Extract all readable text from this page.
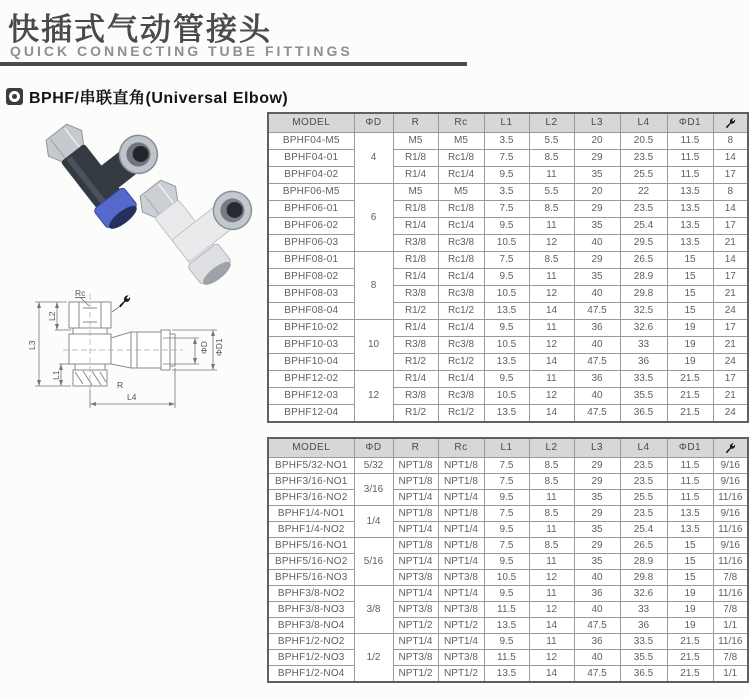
快插式气动管接头
QUICK CONNECTING TUBE FITTINGS
BPHF/串联直角(Universal Elbow)
L3
L2
L1
L4
ΦD ΦD1
Rc
R
MODEL	ΦD	R	Rc	L1	L2	L3	L4	ΦD1	
BPHF04-M5	4	M5	M5	3.5	5.5	20	20.5	11.5	8
BPHF04-01		R1/8	Rc1/8	7.5	8.5	29	23.5	11.5	14
BPHF04-02		R1/4	Rc1/4	9.5	11	35	25.5	11.5	17
BPHF06-M5	6	M5	M5	3.5	5.5	20	22	13.5	8
BPHF06-01		R1/8	Rc1/8	7.5	8.5	29	23.5	13.5	14
BPHF06-02		R1/4	Rc1/4	9.5	11	35	25.4	13.5	17
BPHF06-03		R3/8	Rc3/8	10.5	12	40	29.5	13.5	21
BPHF08-01	8	R1/8	Rc1/8	7.5	8.5	29	26.5	15	14
BPHF08-02		R1/4	Rc1/4	9.5	11	35	28.9	15	17
BPHF08-03		R3/8	Rc3/8	10.5	12	40	29.8	15	21
BPHF08-04		R1/2	Rc1/2	13.5	14	47.5	32.5	15	24
BPHF10-02	10	R1/4	Rc1/4	9.5	11	36	32.6	19	17
BPHF10-03		R3/8	Rc3/8	10.5	12	40	33	19	21
BPHF10-04		R1/2	Rc1/2	13.5	14	47.5	36	19	24
BPHF12-02	12	R1/4	Rc1/4	9.5	11	36	33.5	21.5	17
BPHF12-03		R3/8	Rc3/8	10.5	12	40	35.5	21.5	21
BPHF12-04		R1/2	Rc1/2	13.5	14	47.5	36.5	21.5	24
MODEL	ΦD	R	Rc	L1	L2	L3	L4	ΦD1	
BPHF5/32-NO1	5/32	NPT1/8	NPT1/8	7.5	8.5	29	23.5	11.5	9/16
BPHF3/16-NO1	3/16	NPT1/8	NPT1/8	7.5	8.5	29	23.5	11.5	9/16
BPHF3/16-NO2		NPT1/4	NPT1/4	9.5	11	35	25.5	11.5	11/16
BPHF1/4-NO1	1/4	NPT1/8	NPT1/8	7.5	8.5	29	23.5	13.5	9/16
BPHF1/4-NO2		NPT1/4	NPT1/4	9.5	11	35	25.4	13.5	11/16
BPHF5/16-NO1	5/16	NPT1/8	NPT1/8	7.5	8.5	29	26.5	15	9/16
BPHF5/16-NO2		NPT1/4	NPT1/4	9.5	11	35	28.9	15	11/16
BPHF5/16-NO3		NPT3/8	NPT3/8	10.5	12	40	29.8	15	7/8
BPHF3/8-NO2	3/8	NPT1/4	NPT1/4	9.5	11	36	32.6	19	11/16
BPHF3/8-NO3		NPT3/8	NPT3/8	11.5	12	40	33	19	7/8
BPHF3/8-NO4		NPT1/2	NPT1/2	13.5	14	47.5	36	19	1/1
BPHF1/2-NO2	1/2	NPT1/4	NPT1/4	9.5	11	36	33.5	21.5	11/16
BPHF1/2-NO3		NPT3/8	NPT3/8	11.5	12	40	35.5	21.5	7/8
BPHF1/2-NO4		NPT1/2	NPT1/2	13.5	14	47.5	36.5	21.5	1/1
